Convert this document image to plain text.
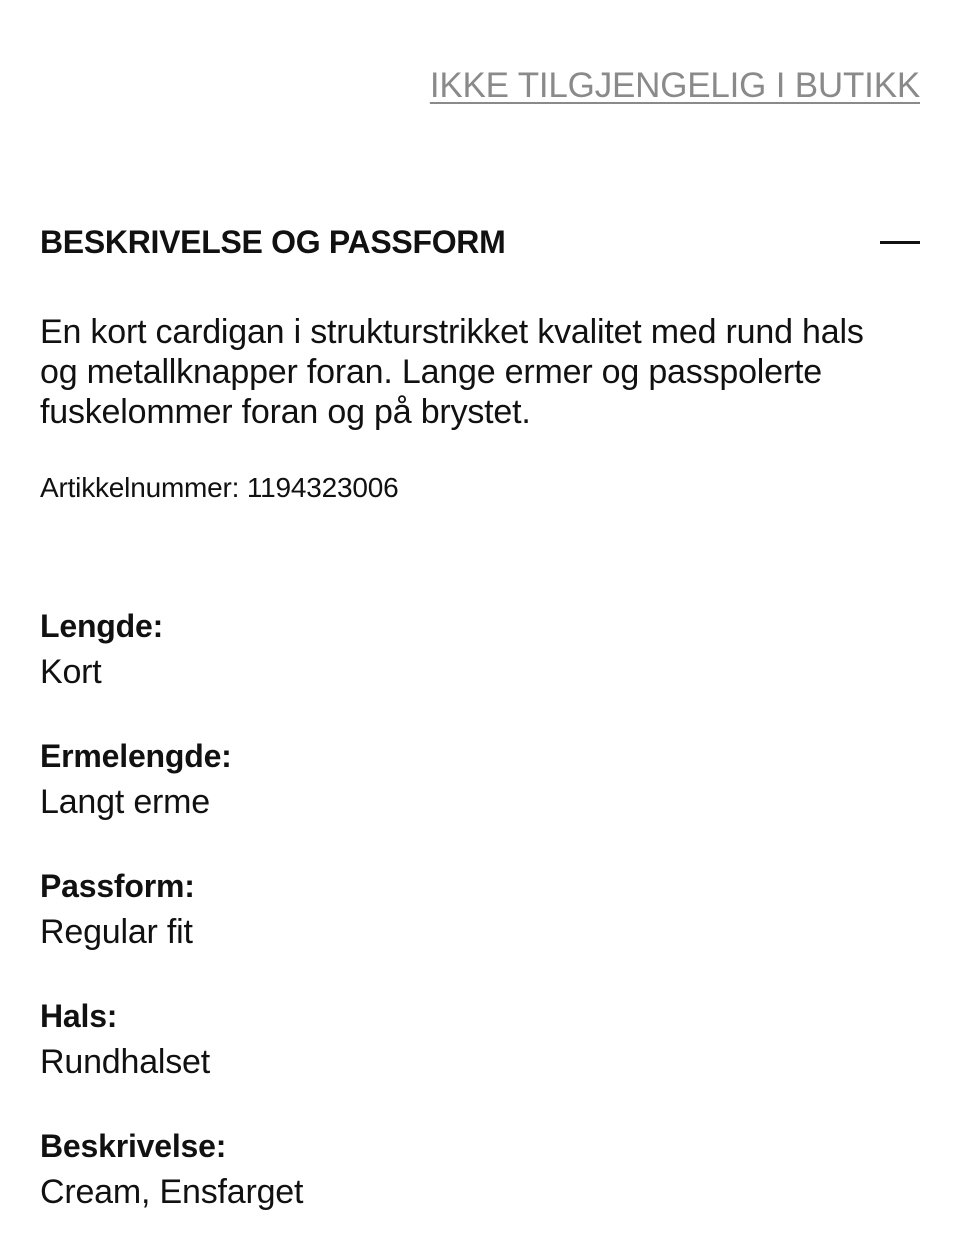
IKKE TILGJENGELIG I BUTIKK
BESKRIVELSE OG PASSFORM

En kort cardigan i strukturstrikket kvalitet med rund hals og metallknapper foran. Lange ermer og passpolerte fuskelommer foran og på brystet.

Artikkelnummer: 1194323006
Lengde:
Kort
Ermelengde:
Langt erme
Passform:
Regular fit
Hals:
Rundhalset
Beskrivelse:
Cream, Ensfarget
